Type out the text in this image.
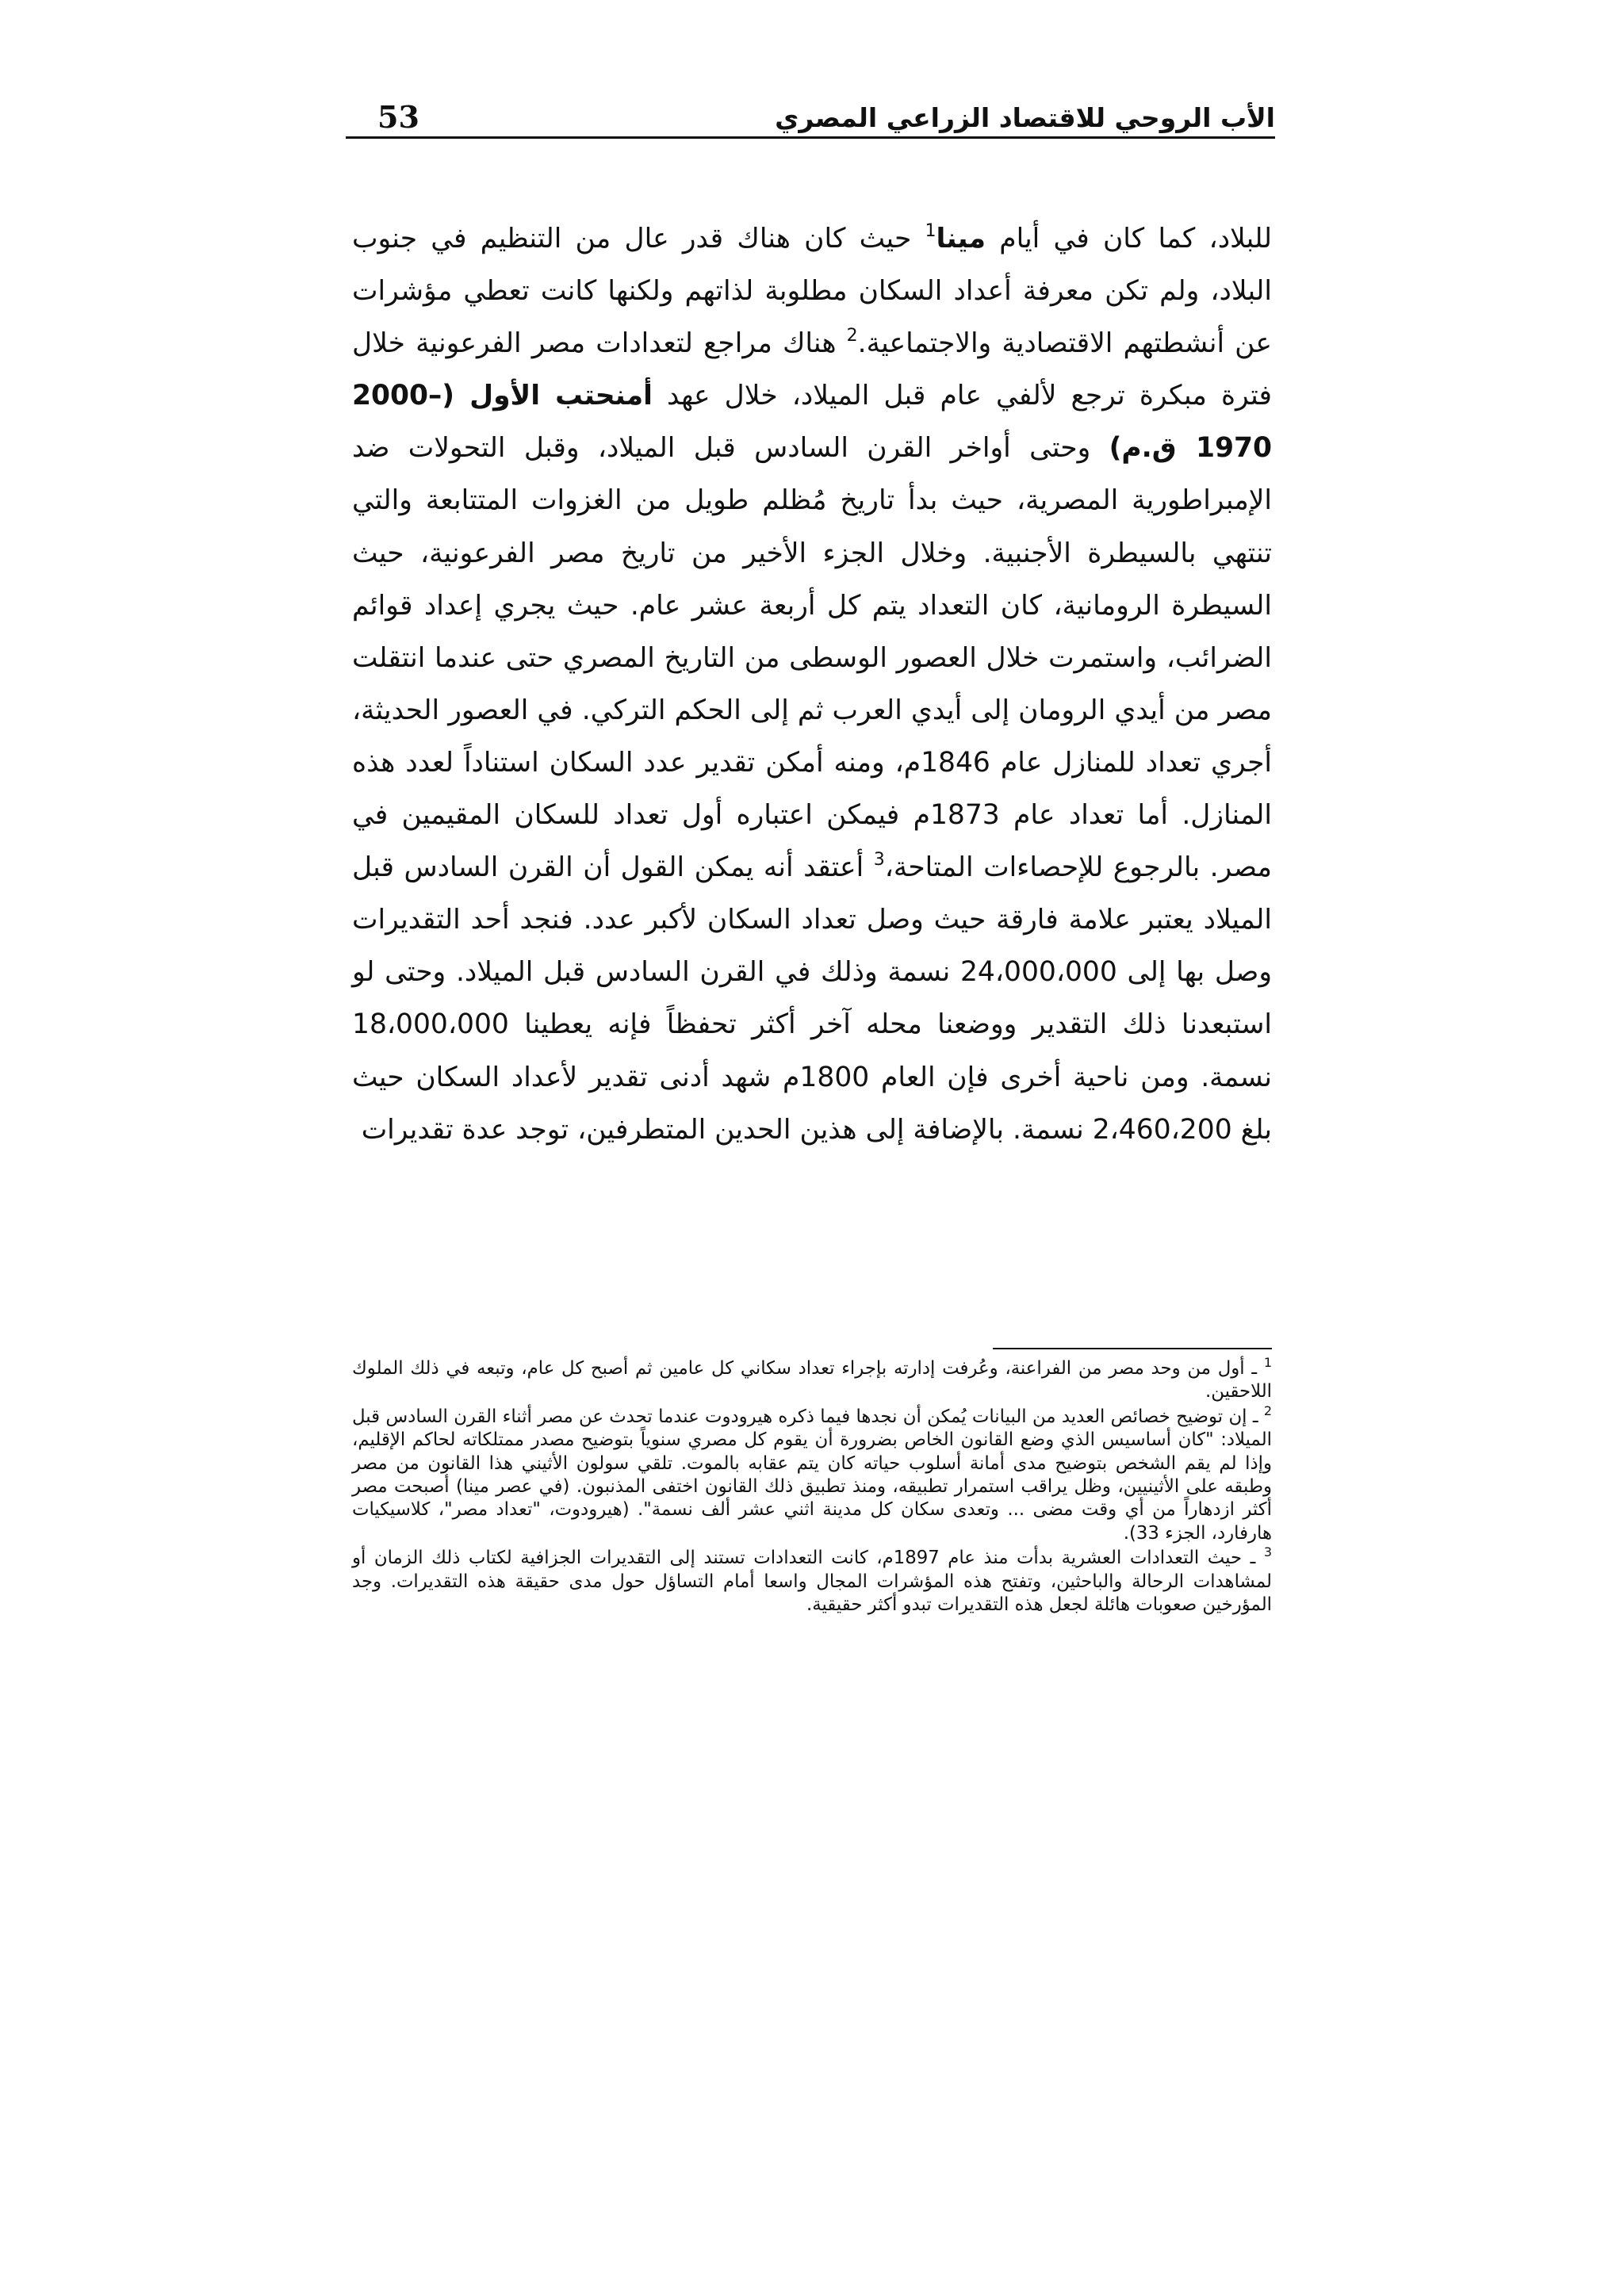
الأب الروحي للاقتصاد الزراعي المصري
53

للبلاد، كما كان في أيام مينا$^1$ حيث كان هناك قدر عال من التنظيم في جنوب البلاد، ولم تكن معرفة أعداد السكان مطلوبة لذاتهم ولكنها كانت تعطي مؤشرات عن أنشطتهم الاقتصادية والاجتماعية.$^2$ هناك مراجع لتعدادات مصر الفرعونية خلال فترة مبكرة ترجع لألفي عام قبل الميلاد، خلال عهد أمنحتب الأول (2000– 1970 ق.م) وحتى أواخر القرن السادس قبل الميلاد، وقبل التحولات ضد الإمبراطورية المصرية، حيث بدأ تاريخ مُظلم طويل من الغزوات المتتابعة والتي تنتهي بالسيطرة الأجنبية. وخلال الجزء الأخير من تاريخ مصر الفرعونية، حيث السيطرة الرومانية، كان التعداد يتم كل أربعة عشر عام. حيث يجري إعداد قوائم الضرائب، واستمرت خلال العصور الوسطى من التاريخ المصري حتى عندما انتقلت مصر من أيدي الرومان إلى أيدي العرب ثم إلى الحكم التركي. في العصور الحديثة، أجري تعداد للمنازل عام 1846م، ومنه أمكن تقدير عدد السكان استناداً لعدد هذه المنازل. أما تعداد عام 1873م فيمكن اعتباره أول تعداد للسكان المقيمين في مصر. بالرجوع للإحصاءات المتاحة،$^3$ أعتقد أنه يمكن القول أن القرن السادس قبل الميلاد يعتبر علامة فارقة حيث وصل تعداد السكان لأكبر عدد. فنجد أحد التقديرات وصل بها إلى 24،000،000 نسمة وذلك في القرن السادس قبل الميلاد. وحتى لو استبعدنا ذلك التقدير ووضعنا محله آخر أكثر تحفظاً فإنه يعطينا 18،000،000 نسمة. ومن ناحية أخرى فإن العام 1800م شهد أدنى تقدير لأعداد السكان حيث بلغ 2،460،200 نسمة. بالإضافة إلى هذين الحدين المتطرفين، توجد عدة تقديرات

$^1$ ـ أول من وحد مصر من الفراعنة، وعُرفت إدارته بإجراء تعداد سكاني كل عامين ثم أصبح كل عام، وتبعه في ذلك الملوك اللاحقين.

$^2$ ـ إن توضيح خصائص العديد من البيانات يُمكن أن نجدها فيما ذكره هيرودوت عندما تحدث عن مصر أثناء القرن السادس قبل الميلاد: "كان أساسيس الذي وضع القانون الخاص بضرورة أن يقوم كل مصري سنوياً بتوضيح مصدر ممتلكاته لحاكم الإقليم، وإذا لم يقم الشخص بتوضيح مدى أمانة أسلوب حياته كان يتم عقابه بالموت. تلقي سولون الأثيني هذا القانون من مصر وطبقه على الأثينيين، وظل يراقب استمرار تطبيقه، ومنذ تطبيق ذلك القانون اختفى المذنبون. (في عصر مينا) أصبحت مصر أكثر ازدهاراً من أي وقت مضى ... وتعدى سكان كل مدينة اثني عشر ألف نسمة". (هيرودوت، "تعداد مصر"، كلاسيكيات هارفارد، الجزء 33).

$^3$ ـ حيث التعدادات العشرية بدأت منذ عام 1897م، كانت التعدادات تستند إلى التقديرات الجزافية لكتاب ذلك الزمان أو لمشاهدات الرحالة والباحثين، وتفتح هذه المؤشرات المجال واسعا أمام التساؤل حول مدى حقيقة هذه التقديرات. وجد المؤرخين صعوبات هائلة لجعل هذه التقديرات تبدو أكثر حقيقية.
